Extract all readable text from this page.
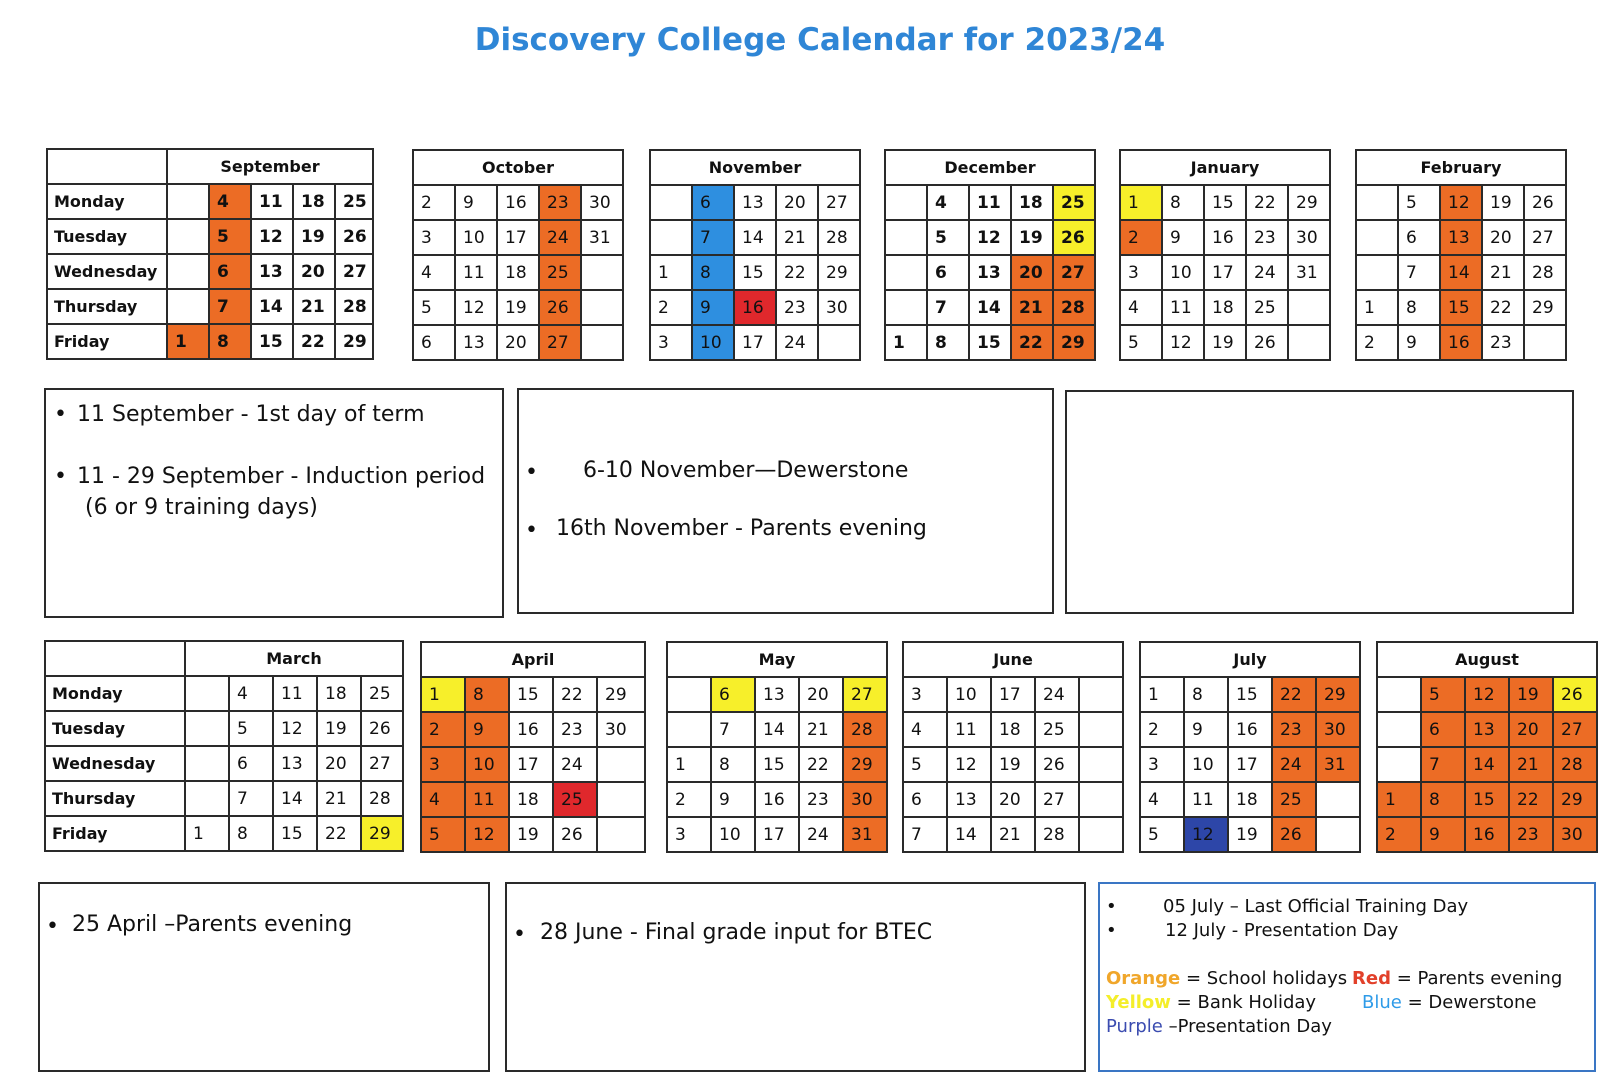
Discovery College Calendar for 2023/24
	September				
Monday		4	11	18	25
Tuesday		5	12	19	26
Wednesday		6	13	20	27
Thursday		7	14	21	28
Friday	1	8	15	22	29
October				
2	9	16	23	30
3	10	17	24	31
4	11	18	25	
5	12	19	26	
6	13	20	27	
November				
	6	13	20	27
	7	14	21	28
1	8	15	22	29
2	9	16	23	30
3	10	17	24	
December				
	4	11	18	25
	5	12	19	26
	6	13	20	27
	7	14	21	28
1	8	15	22	29
January				
1	8	15	22	29
2	9	16	23	30
3	10	17	24	31
4	11	18	25	
5	12	19	26	
February				
	5	12	19	26
	6	13	20	27
	7	14	21	28
1	8	15	22	29
2	9	16	23	
	March				
Monday		4	11	18	25
Tuesday		5	12	19	26
Wednesday		6	13	20	27
Thursday		7	14	21	28
Friday	1	8	15	22	29
April				
1	8	15	22	29
2	9	16	23	30
3	10	17	24	
4	11	18	25	
5	12	19	26	
May				
	6	13	20	27
	7	14	21	28
1	8	15	22	29
2	9	16	23	30
3	10	17	24	31
June				
3	10	17	24	
4	11	18	25	
5	12	19	26	
6	13	20	27	
7	14	21	28	
July				
1	8	15	22	29
2	9	16	23	30
3	10	17	24	31
4	11	18	25	
5	12	19	26	
August				
	5	12	19	26
	6	13	20	27
	7	14	21	28
1	8	15	22	29
2	9	16	23	30

• 11 September - 1st day of term

• 11 - 29 September - Induction period

(6 or 9 training days)

• 6-10 November—Dewerstone

• 16th November - Parents evening

• 25 April –Parents evening	• 28 June - Final grade input for BTEC

•	05 July – Last Official Training Day

•	12 July - Presentation Day

Orange = School holidays Red = Parents evening

Yellow = Bank Holiday	Blue = Dewerstone

Purple –Presentation Day
